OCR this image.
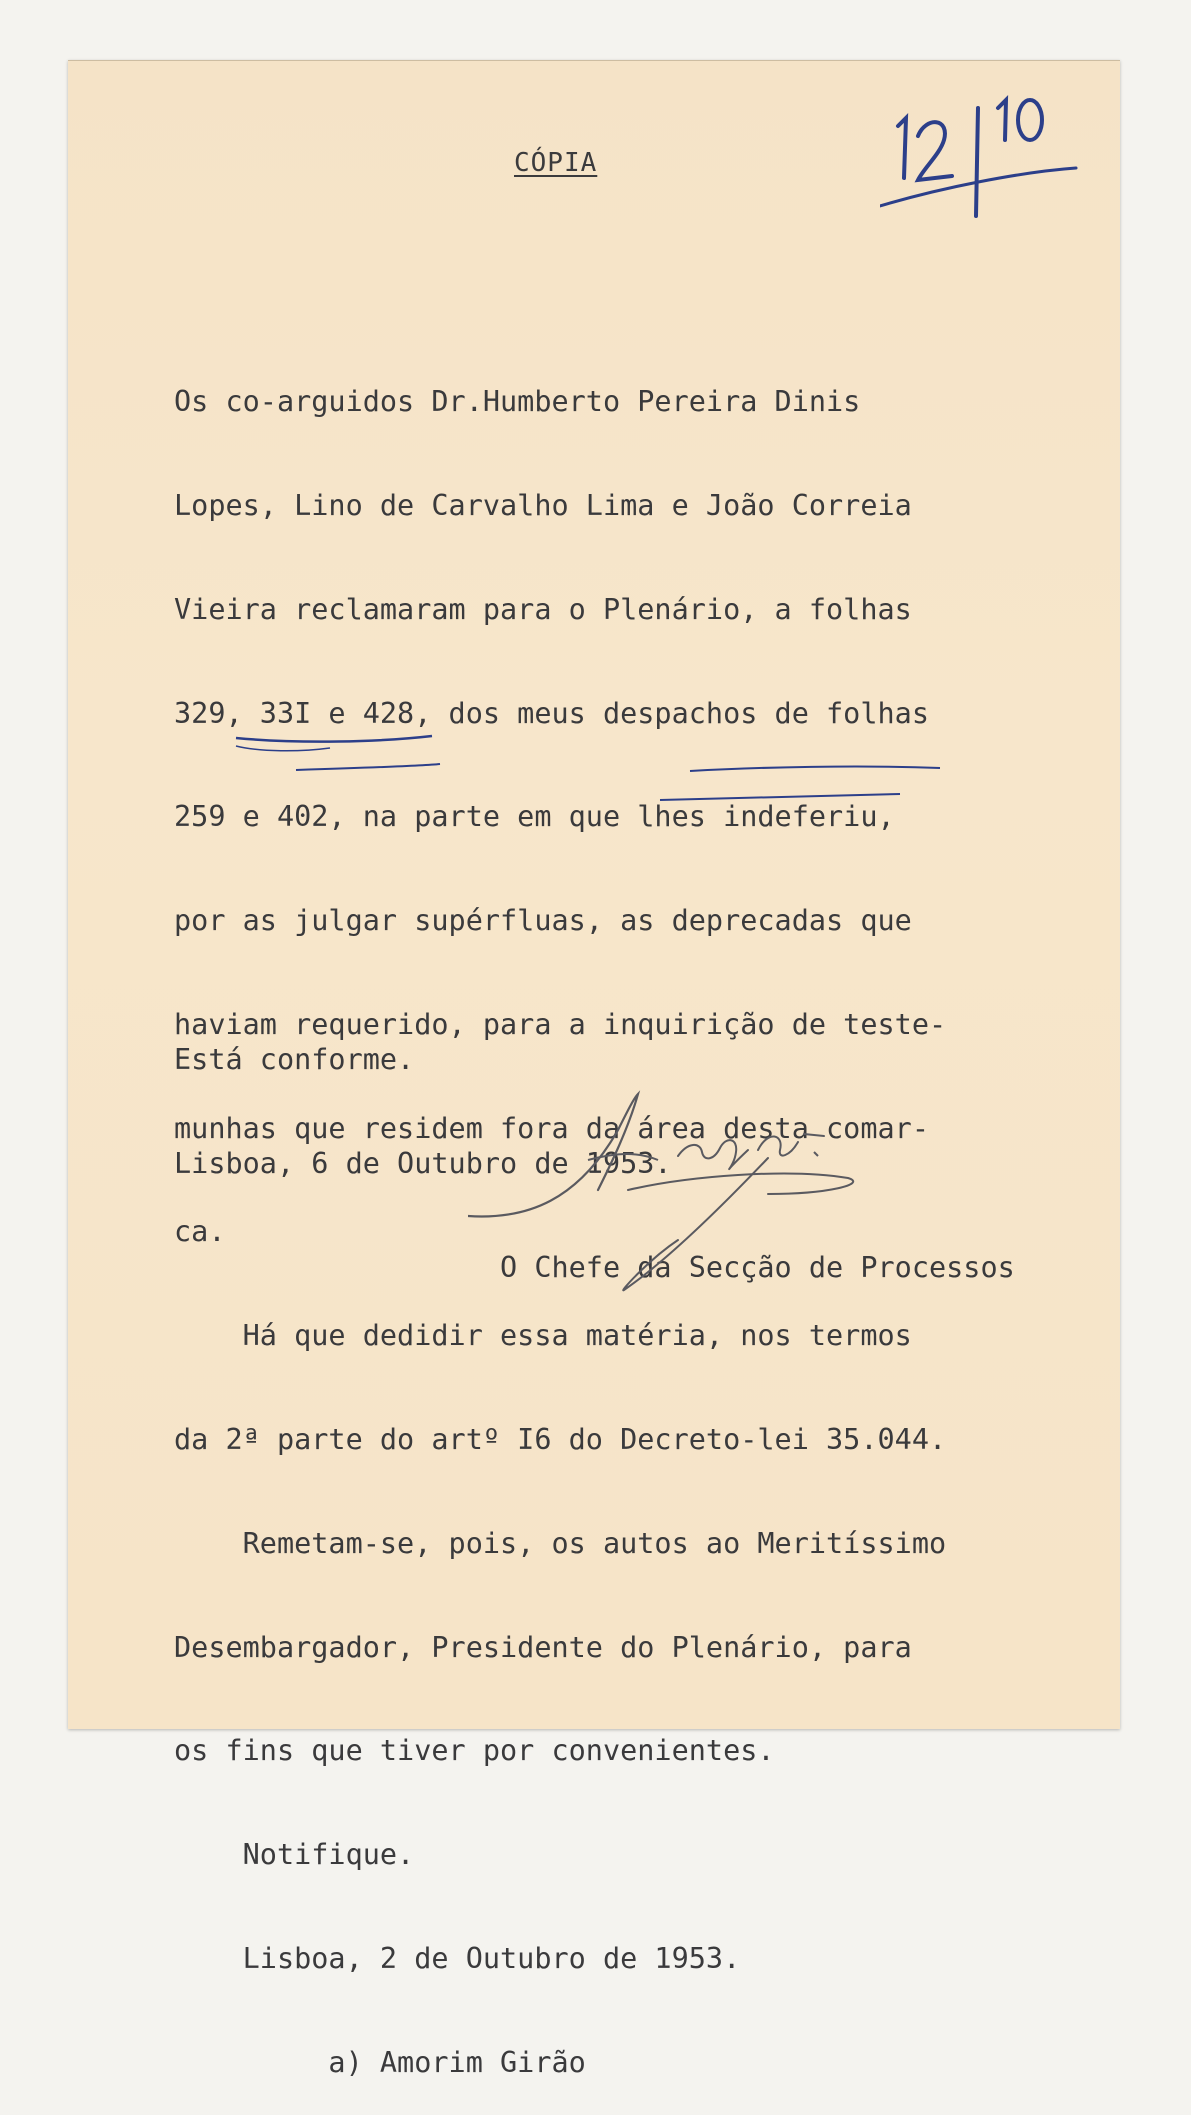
CÓPIA

Os co-arguidos Dr.Humberto Pereira Dinis

Lopes, Lino de Carvalho Lima e João Correia

Vieira reclamaram para o Plenário, a folhas

329, 33I e 428, dos meus despachos de folhas

259 e 402, na parte em que lhes indeferiu,

por as julgar supérfluas, as deprecadas que

haviam requerido, para a inquirição de teste-

munhas que residem fora da área desta comar-

ca.

Há que dedidir essa matéria, nos termos

da 2ª parte do artº I6 do Decreto-lei 35.044.

Remetam-se, pois, os autos ao Meritíssimo

Desembargador, Presidente do Plenário, para

os fins que tiver por convenientes.

Notifique.

Lisboa, 2 de Outubro de 1953.

a) Amorim Girão

Está conforme.

Lisboa, 6 de Outubro de 1953.

O Chefe da Secção de Processos
